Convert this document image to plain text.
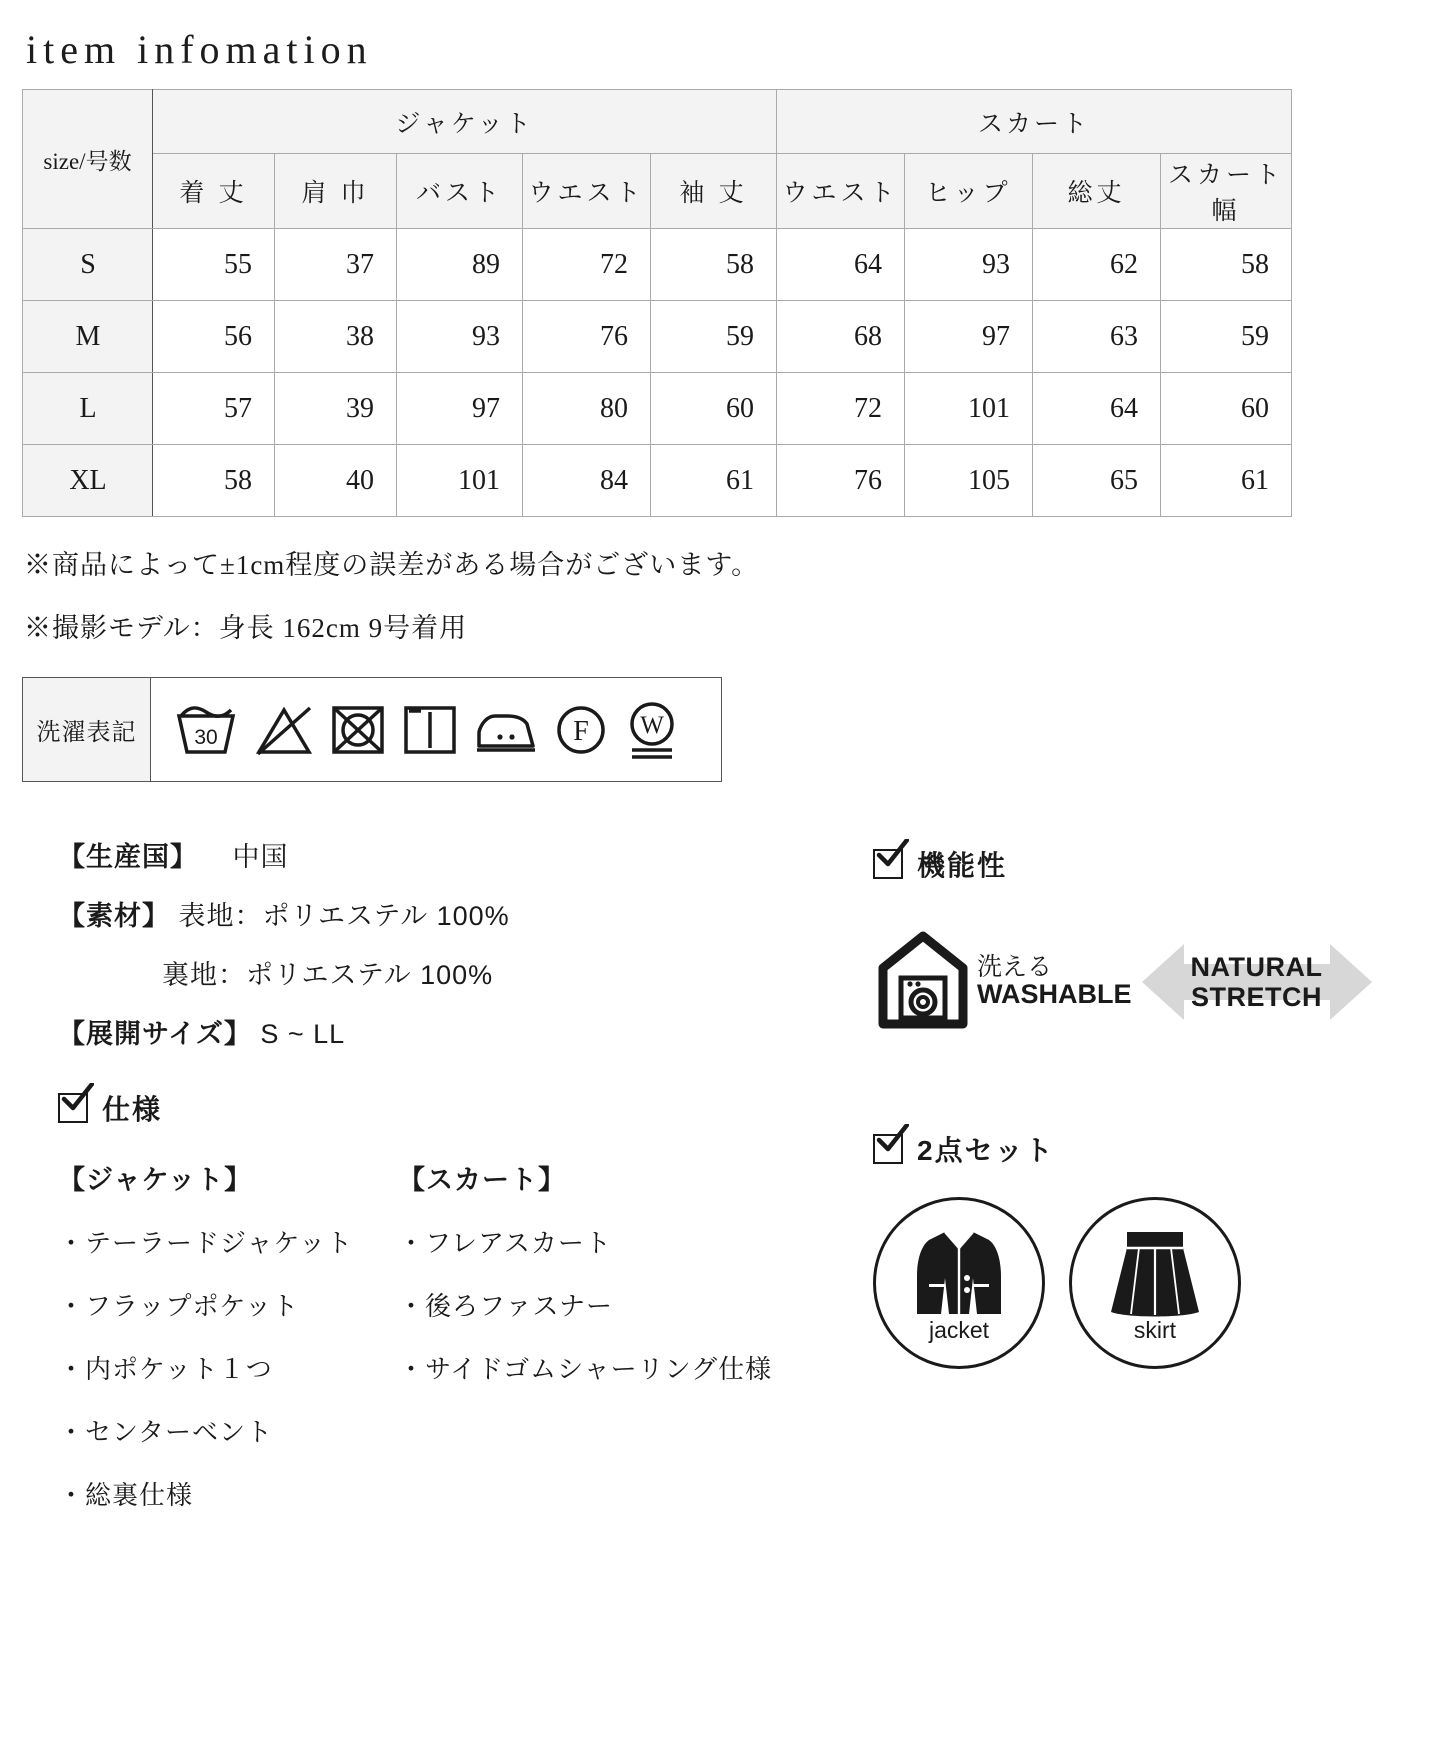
item infomation
size/号数	ジャケット					スカート			
	着 丈	肩 巾	バスト	ウエスト	袖 丈	ウエスト	ヒップ	総丈	スカート幅
S	55	37	89	72	58	64	93	62	58
M	56	38	93	76	59	68	97	63	59
L	57	39	97	80	60	72	101	64	60
XL	58	40	101	84	61	76	105	65	61

※商品によって±1cm程度の誤差がある場合がございます。

※撮影モデル：身長 162cm 9号着用

洗濯表記	30	F W
【生産国】 中国
【素材】 表地：ポリエステル 100%
裏地：ポリエステル 100%
【展開サイズ】 S ~ LL
仕様
【ジャケット】
・テーラードジャケット
・フラップポケット
・内ポケット１つ
・センターベント
・総裏仕様
【スカート】
・フレアスカート
・後ろファスナー
・サイドゴムシャーリング仕様
機能性
洗える
WASHABLE
NATURAL
STRETCH
2点セット
jacket	skirt
